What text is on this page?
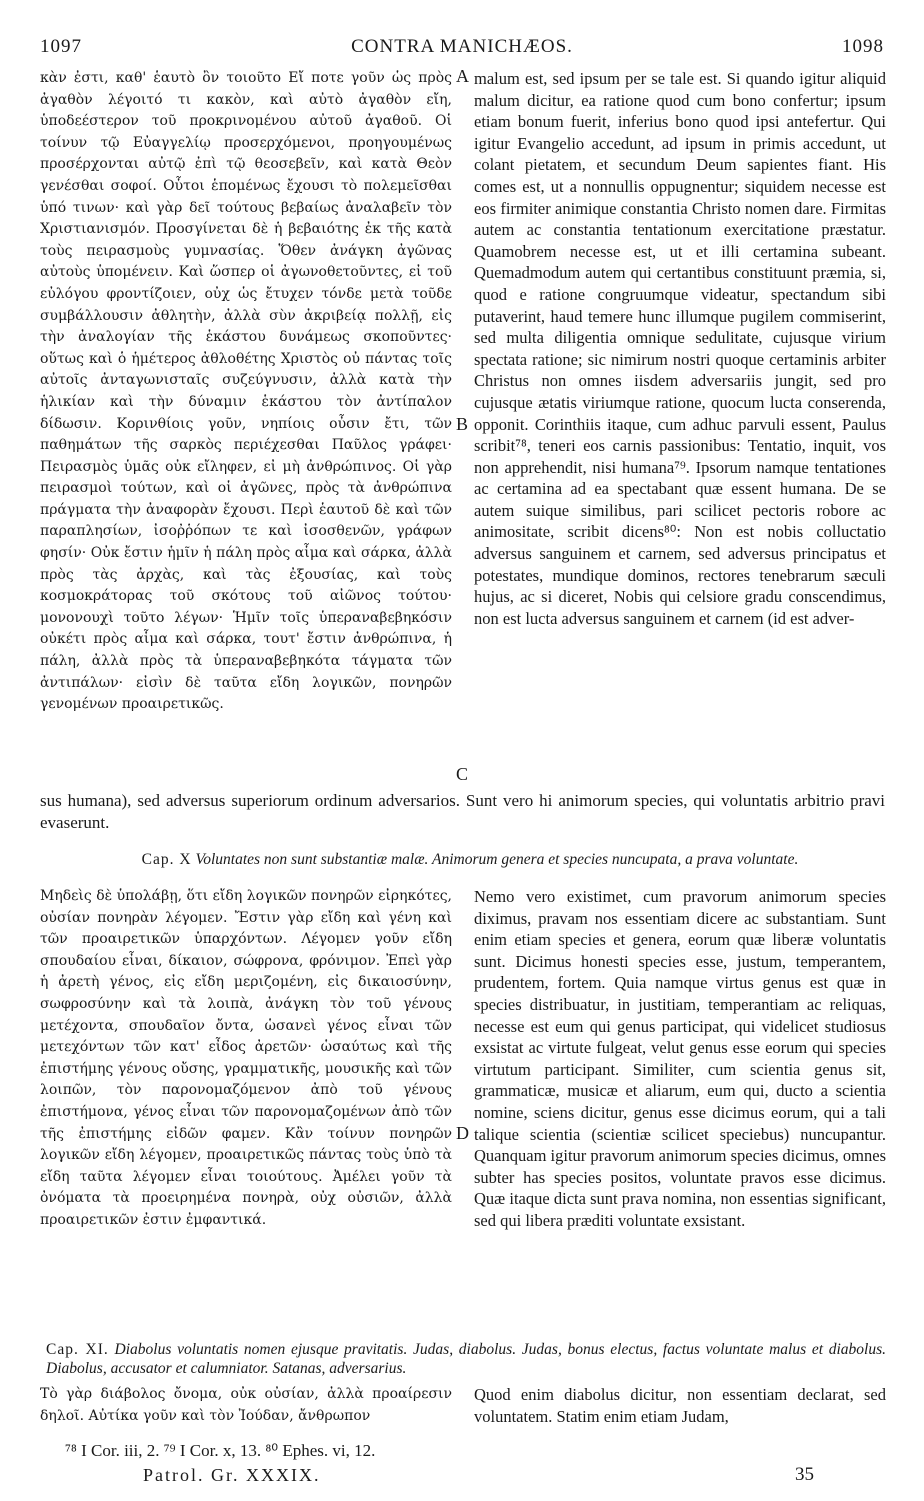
1097	CONTRA MANICHÆOS.	1098

κὰν ἐστι, καθ' ἑαυτὸ ὂν τοιοῦτο Εἴ ποτε γοῦν ὡς πρὸς ἀγαθὸν λέγοιτό τι κακὸν, καὶ αὐτὸ ἀγαθὸν εἴη, ὑποδεέστερον τοῦ προκρινομένου αὐτοῦ ἀγαθοῦ. Οἱ τοίνυν τῷ Εὐαγγελίῳ προσερχόμενοι, προηγουμένως προσέρχονται αὐτῷ ἐπὶ τῷ θεοσεβεῖν, καὶ κατὰ Θεὸν γενέσθαι σοφοί. Οὗτοι ἑπομένως ἔχουσι τὸ πολεμεῖσθαι ὑπό τινων· καὶ γὰρ δεῖ τούτους βεβαίως ἀναλαβεῖν τὸν Χριστιανισμόν. Προσγίνεται δὲ ἡ βεβαιότης ἐκ τῆς κατὰ τοὺς πειρασμοὺς γυμνασίας. Ὅθεν ἀνάγκη ἀγῶνας αὐτοὺς ὑπομένειν. Καὶ ὥσπερ οἱ ἀγωνοθετοῦντες, εἰ τοῦ εὐλόγου φροντίζοιεν, οὐχ ὡς ἔτυχεν τόνδε μετὰ τοῦδε συμβάλλουσιν ἀθλητὴν, ἀλλὰ σὺν ἀκριβείᾳ πολλῇ, εἰς τὴν ἀναλογίαν τῆς ἑκάστου δυνάμεως σκοποῦντες· οὕτως καὶ ὁ ἡμέτερος ἀθλοθέτης Χριστὸς οὐ πάντας τοῖς αὐτοῖς ἀνταγωνισταῖς συζεύγνυσιν, ἀλλὰ κατὰ τὴν ἡλικίαν καὶ τὴν δύναμιν ἑκάστου τὸν ἀντίπαλον δίδωσιν. Κορινθίοις γοῦν, νηπίοις οὖσιν ἔτι, τῶν παθημάτων τῆς σαρκὸς περιέχεσθαι Παῦλος γράφει· Πειρασμὸς ὑμᾶς οὐκ εἴληφεν, εἰ μὴ ἀνθρώπινος. Οἱ γὰρ πειρασμοὶ τούτων, καὶ οἱ ἀγῶνες, πρὸς τὰ ἀνθρώπινα πράγματα τὴν ἀναφορὰν ἔχουσι. Περὶ ἑαυτοῦ δὲ καὶ τῶν παραπλησίων, ἰσοῤῥόπων τε καὶ ἰσοσθενῶν, γράφων φησίν· Οὐκ ἔστιν ἡμῖν ἡ πάλη πρὸς αἷμα καὶ σάρκα, ἀλλὰ πρὸς τὰς ἀρχὰς, καὶ τὰς ἐξουσίας, καὶ τοὺς κοσμοκράτορας τοῦ σκότους τοῦ αἰῶνος τούτου· μονονουχὶ τοῦτο λέγων· Ἡμῖν τοῖς ὑπεραναβεβηκόσιν οὐκέτι πρὸς αἷμα καὶ σάρκα, τουτ' ἔστιν ἀνθρώπινα, ἡ πάλη, ἀλλὰ πρὸς τὰ ὑπεραναβεβηκότα τάγματα τῶν ἀντιπάλων· εἰσὶν δὲ ταῦτα εἴδη λογικῶν, πονηρῶν γενομένων προαιρετικῶς.

A
B
C

malum est, sed ipsum per se tale est. Si quando igitur aliquid malum dicitur, ea ratione quod cum bono confertur; ipsum etiam bonum fuerit, inferius bono quod ipsi antefertur. Qui igitur Evangelio accedunt, ad ipsum in primis accedunt, ut colant pietatem, et secundum Deum sapientes fiant. His comes est, ut a nonnullis oppugnentur; siquidem necesse est eos firmiter animique constantia Christo nomen dare. Firmitas autem ac constantia tentationum exercitatione præstatur. Quamobrem necesse est, ut et illi certamina subeant. Quemadmodum autem qui certantibus constituunt præmia, si, quod e ratione congruumque videatur, spectandum sibi putaverint, haud temere hunc illumque pugilem commiserint, sed multa diligentia omnique sedulitate, cujusque virium spectata ratione; sic nimirum nostri quoque certaminis arbiter Christus non omnes iisdem adversariis jungit, sed pro cujusque ætatis viriumque ratione, quocum lucta conserenda, opponit. Corinthiis itaque, cum adhuc parvuli essent, Paulus scribit⁷⁸, teneri eos carnis passionibus: Tentatio, inquit, vos non apprehendit, nisi humana⁷⁹. Ipsorum namque tentationes ac certamina ad ea spectabant quæ essent humana. De se autem suique similibus, pari scilicet pectoris robore ac animositate, scribit dicens⁸⁰: Non est nobis colluctatio adversus sanguinem et carnem, sed adversus principatus et potestates, mundique dominos, rectores tenebrarum sæculi hujus, ac si diceret, Nobis qui celsiore gradu conscendimus, non est lucta adversus sanguinem et carnem (id est adver-

sus humana), sed adversus superiorum ordinum adversarios. Sunt vero hi animorum species, qui voluntatis arbitrio pravi evaserunt.
Cap. X Voluntates non sunt substantiæ malæ. Animorum genera et species nuncupata, a prava voluntate.

Μηδεὶς δὲ ὑπολάβῃ, ὅτι εἴδη λογικῶν πονηρῶν εἰρηκότες, οὐσίαν πονηρὰν λέγομεν. Ἔστιν γὰρ εἴδη καὶ γένη καὶ τῶν προαιρετικῶν ὑπαρχόντων. Λέγομεν γοῦν εἴδη σπουδαίου εἶναι, δίκαιον, σώφρονα, φρόνιμον. Ἐπεὶ γὰρ ἡ ἀρετὴ γένος, εἰς εἴδη μεριζομένη, εἰς δικαιοσύνην, σωφροσύνην καὶ τὰ λοιπὰ, ἀνάγκη τὸν τοῦ γένους μετέχοντα, σπουδαῖον ὄντα, ὡσανεὶ γένος εἶναι τῶν μετεχόντων τῶν κατ' εἶδος ἀρετῶν· ὡσαύτως καὶ τῆς ἐπιστήμης γένους οὔσης, γραμματικῆς, μουσικῆς καὶ τῶν λοιπῶν, τὸν παρονομαζόμενον ἀπὸ τοῦ γένους ἐπιστήμονα, γένος εἶναι τῶν παρονομαζομένων ἀπὸ τῶν τῆς ἐπιστήμης εἰδῶν φαμεν. Κἂν τοίνυν πονηρῶν λογικῶν εἴδη λέγομεν, προαιρετικῶς πάντας τοὺς ὑπὸ τὰ εἴδη ταῦτα λέγομεν εἶναι τοιούτους. Ἀμέλει γοῦν τὰ ὀνόματα τὰ προειρημένα πονηρὰ, οὐχ οὐσιῶν, ἀλλὰ προαιρετικῶν ἐστιν ἐμφαντικά.

D

Nemo vero existimet, cum pravorum animorum species diximus, pravam nos essentiam dicere ac substantiam. Sunt enim etiam species et genera, eorum quæ liberæ voluntatis sunt. Dicimus honesti species esse, justum, temperantem, prudentem, fortem. Quia namque virtus genus est quæ in species distribuatur, in justitiam, temperantiam ac reliquas, necesse est eum qui genus participat, qui videlicet studiosus exsistat ac virtute fulgeat, velut genus esse eorum qui species virtutum participant. Similiter, cum scientia genus sit, grammaticæ, musicæ et aliarum, eum qui, ducto a scientia nomine, sciens dicitur, genus esse dicimus eorum, qui a tali talique scientia (scientiæ scilicet speciebus) nuncupantur. Quanquam igitur pravorum animorum species dicimus, omnes subter has species positos, voluntate pravos esse dicimus. Quæ itaque dicta sunt prava nomina, non essentias significant, sed qui libera præditi voluntate exsistant.

Cap. XI. Diabolus voluntatis nomen ejusque pravitatis. Judas, diabolus. Judas, bonus electus, factus voluntate malus et diabolus. Diabolus, accusator et calumniator. Satanas, adversarius.

Τὸ γὰρ διάβολος ὄνομα, οὐκ οὐσίαν, ἀλλὰ προαίρεσιν δηλοῖ. Αὐτίκα γοῦν καὶ τὸν Ἰούδαν, ἄνθρωπον

Quod enim diabolus dicitur, non essentiam declarat, sed voluntatem. Statim enim etiam Judam,

⁷⁸ I Cor. iii, 2. ⁷⁹ I Cor. x, 13. ⁸⁰ Ephes. vi, 12.
Patrol. Gr. XXXIX.	35
